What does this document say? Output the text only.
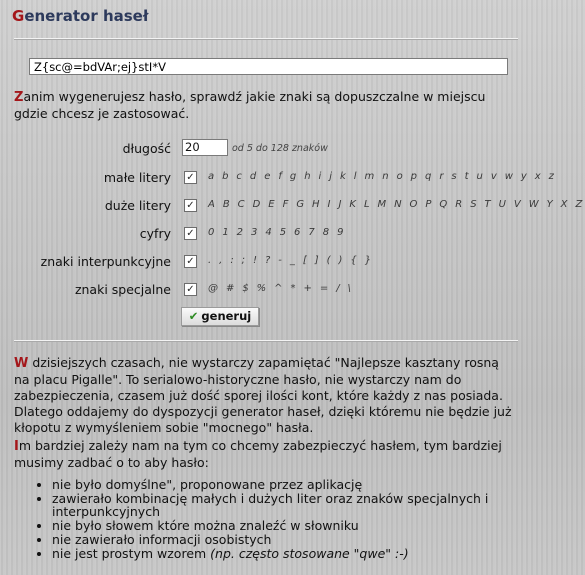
Generator haseł
Z{sc@=bdVAr;ej}stI*V
Zanim wygenerujesz hasło, sprawdź jakie znaki są dopuszczalne w miejscu gdzie chcesz je zastosować.
długość 20	od 5 do 128 znaków
małe litery ✓ a b c d e f g h i j k l m n o p q r s t u v w y x z
duże litery ✓ A B C D E F G H I J K L M N O P Q R S T U V W Y X Z
cyfry ✓ 0 1 2 3 4 5 6 7 8 9
znaki interpunkcyjne ✓ . , : ; ! ? - _ [ ] ( ) { }
znaki specjalne ✓ @ # $ % ^ * + = / \
✔ generuj
W dzisiejszych czasach, nie wystarczy zapamiętać "Najlepsze kasztany rosną na placu Pigalle". To serialowo-historyczne hasło, nie wystarczy nam do zabezpieczenia, czasem już dość sporej ilości kont, które każdy z nas posiada. Dlatego oddajemy do dyspozycji generator haseł, dzięki któremu nie będzie już kłopotu z wymyśleniem sobie "mocnego" hasła.
Im bardziej zależy nam na tym co chcemy zabezpieczyć hasłem, tym bardziej musimy zadbać o to aby hasło:
• nie było domyślne", proponowane przez aplikację
• zawierało kombinację małych i dużych liter oraz znaków specjalnych i interpunkcyjnych
• nie było słowem które można znaleźć w słowniku
• nie zawierało informacji osobistych
• nie jest prostym wzorem (np. często stosowane "qwe" :-)
